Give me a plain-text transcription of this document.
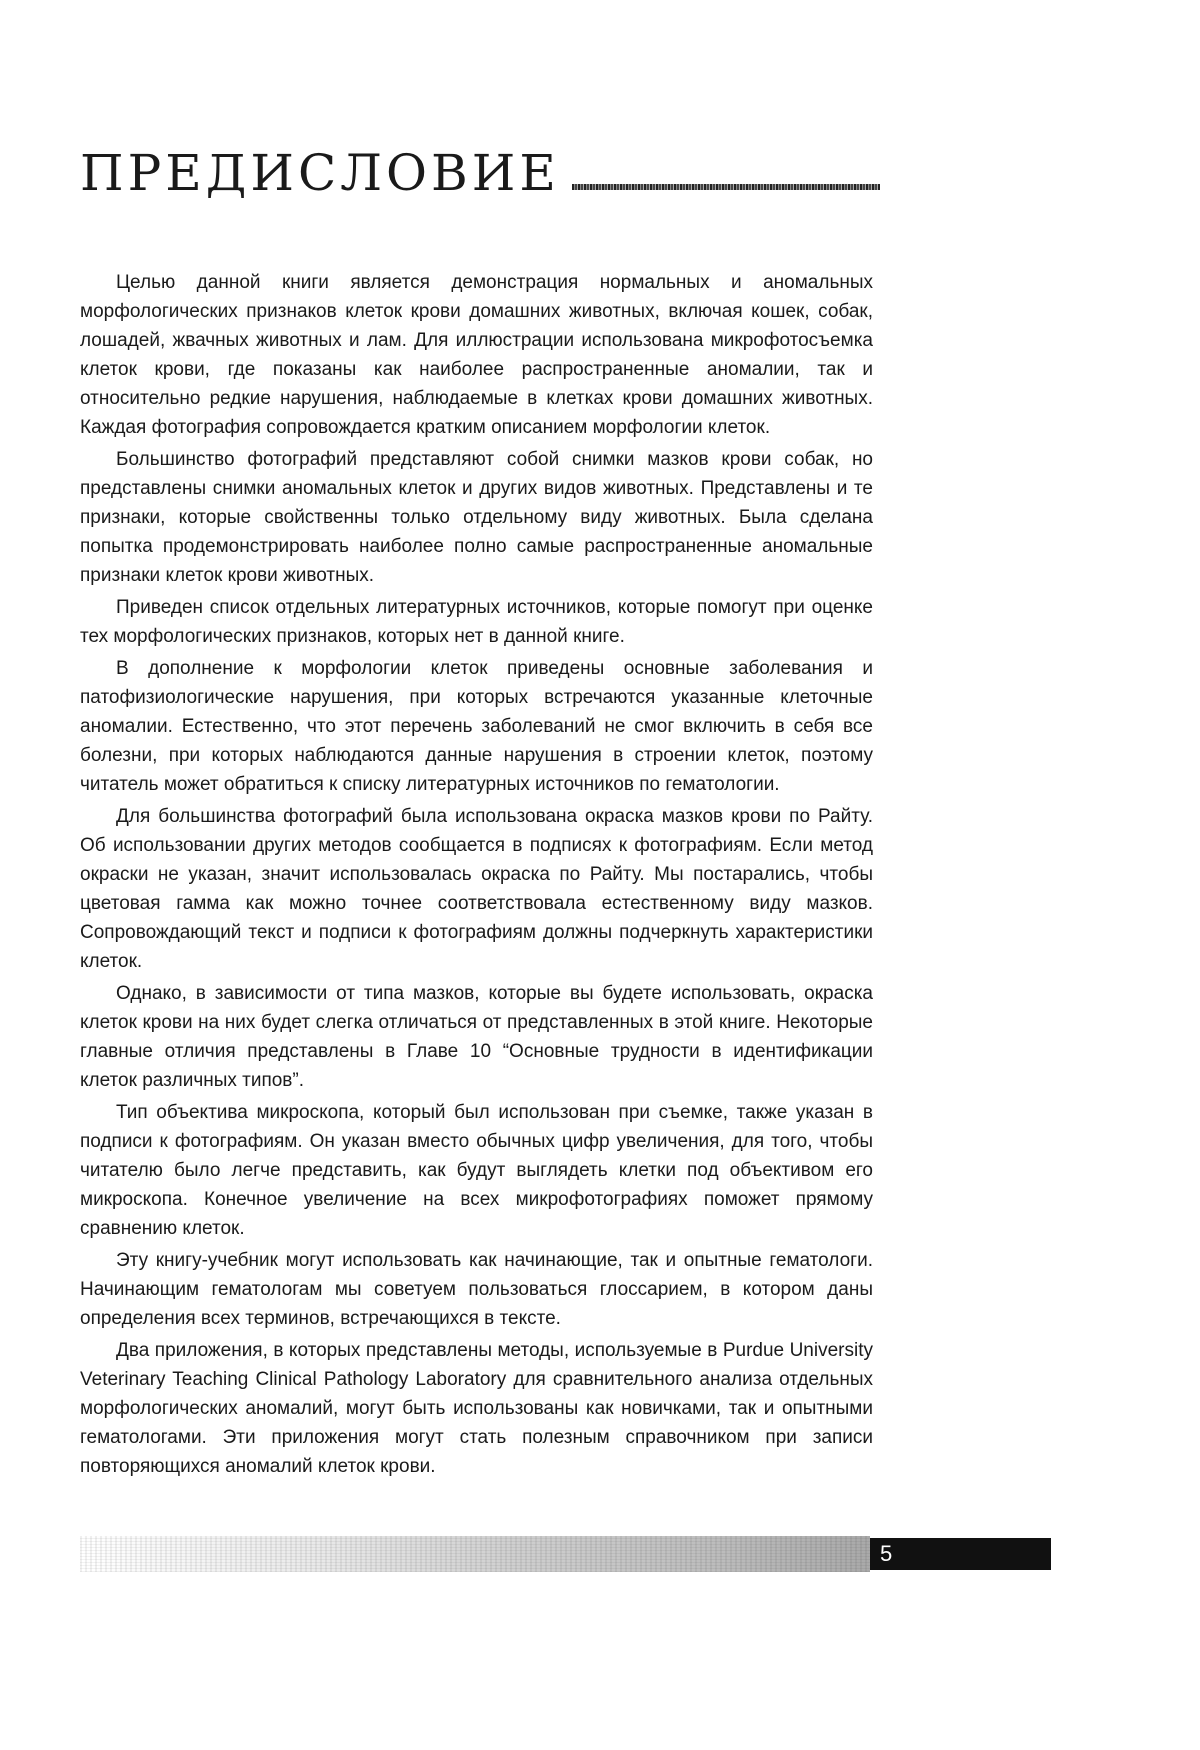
ПРЕДИСЛОВИЕ

Целью данной книги является демонстрация нормальных и аномальных морфологических признаков клеток крови домашних животных, включая кошек, собак, лошадей, жвачных животных и лам. Для иллюстрации использована микрофотосъемка клеток крови, где показаны как наиболее распространенные аномалии, так и относительно редкие нарушения, наблюдаемые в клетках крови домашних животных. Каждая фотография сопровождается кратким описанием морфологии клеток.

Большинство фотографий представляют собой снимки мазков крови собак, но представлены снимки аномальных клеток и других видов животных. Представлены и те признаки, которые свойственны только отдельному виду животных. Была сделана попытка продемонстрировать наиболее полно самые распространенные аномальные признаки клеток крови животных.

Приведен список отдельных литературных источников, которые помогут при оценке тех морфологических признаков, которых нет в данной книге.

В дополнение к морфологии клеток приведены основные заболевания и патофизиологические нарушения, при которых встречаются указанные клеточные аномалии. Естественно, что этот перечень заболеваний не смог включить в себя все болезни, при которых наблюдаются данные нарушения в строении клеток, поэтому читатель может обратиться к списку литературных источников по гематологии.

Для большинства фотографий была использована окраска мазков крови по Райту. Об использовании других методов сообщается в подписях к фотографиям. Если метод окраски не указан, значит использовалась окраска по Райту. Мы постарались, чтобы цветовая гамма как можно точнее соответствовала естественному виду мазков. Сопровождающий текст и подписи к фотографиям должны подчеркнуть характеристики клеток.

Однако, в зависимости от типа мазков, которые вы будете использовать, окраска клеток крови на них будет слегка отличаться от представленных в этой книге. Некоторые главные отличия представлены в Главе 10 “Основные трудности в идентификации клеток различных типов”.

Тип объектива микроскопа, который был использован при съемке, также указан в подписи к фотографиям. Он указан вместо обычных цифр увеличения, для того, чтобы читателю было легче представить, как будут выглядеть клетки под объективом его микроскопа. Конечное увеличение на всех микрофотографиях поможет прямому сравнению клеток.

Эту книгу-учебник могут использовать как начинающие, так и опытные гематологи. Начинающим гематологам мы советуем пользоваться глоссарием, в котором даны определения всех терминов, встречающихся в тексте.

Два приложения, в которых представлены методы, используемые в Purdue University Veterinary Teaching Clinical Pathology Laboratory для сравнительного анализа отдельных морфологических аномалий, могут быть использованы как новичками, так и опытными гематологами. Эти приложения могут стать полезным справочником при записи повторяющихся аномалий клеток крови.

5
